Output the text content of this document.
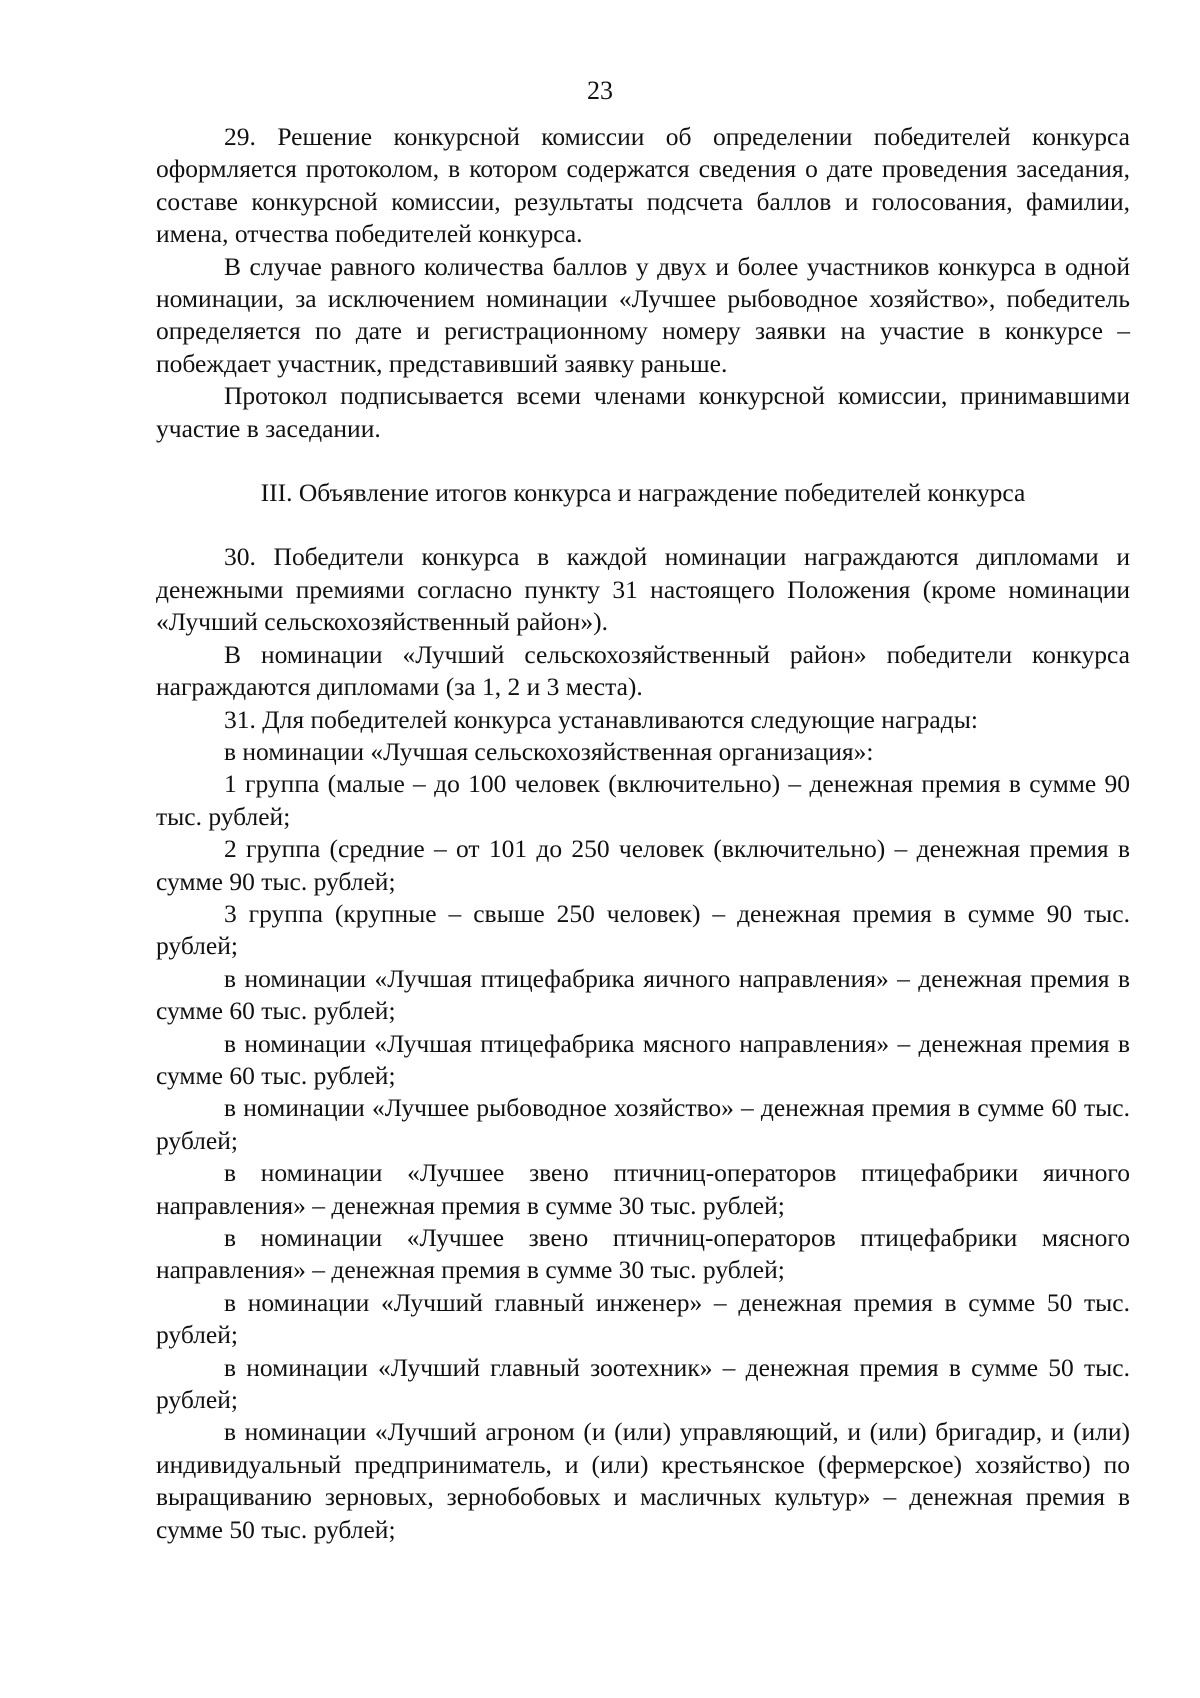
23

29. Решение конкурсной комиссии об определении победителей конкурса оформляется протоколом, в котором содержатся сведения о дате проведения заседания, составе конкурсной комиссии, результаты подсчета баллов и голосования, фамилии, имена, отчества победителей конкурса.

В случае равного количества баллов у двух и более участников конкурса в одной номинации, за исключением номинации «Лучшее рыбоводное хозяйство», победитель определяется по дате и регистрационному номеру заявки на участие в конкурсе – побеждает участник, представивший заявку раньше.

Протокол подписывается всеми членами конкурсной комиссии, принимавшими участие в заседании.

III. Объявление итогов конкурса и награждение победителей конкурса

30. Победители конкурса в каждой номинации награждаются дипломами и денежными премиями согласно пункту 31 настоящего Положения (кроме номинации «Лучший сельскохозяйственный район»).

В номинации «Лучший сельскохозяйственный район» победители конкурса награждаются дипломами (за 1, 2 и 3 места).

31. Для победителей конкурса устанавливаются следующие награды:

в номинации «Лучшая сельскохозяйственная организация»:

1 группа (малые – до 100 человек (включительно) – денежная премия в сумме 90 тыс. рублей;

2 группа (средние – от 101 до 250 человек (включительно) – денежная премия в сумме 90 тыс. рублей;

3 группа (крупные – свыше 250 человек) – денежная премия в сумме 90 тыс. рублей;

в номинации «Лучшая птицефабрика яичного направления» – денежная премия в сумме 60 тыс. рублей;

в номинации «Лучшая птицефабрика мясного направления» – денежная премия в сумме 60 тыс. рублей;

в номинации «Лучшее рыбоводное хозяйство» – денежная премия в сумме 60 тыс. рублей;

в номинации «Лучшее звено птичниц-операторов птицефабрики яичного направления» – денежная премия в сумме 30 тыс. рублей;

в номинации «Лучшее звено птичниц-операторов птицефабрики мясного направления» – денежная премия в сумме 30 тыс. рублей;

в номинации «Лучший главный инженер» – денежная премия в сумме 50 тыс. рублей;

в номинации «Лучший главный зоотехник» – денежная премия в сумме 50 тыс. рублей;

в номинации «Лучший агроном (и (или) управляющий, и (или) бригадир, и (или) индивидуальный предприниматель, и (или) крестьянское (фермерское) хозяйство) по выращиванию зерновых, зернобобовых и масличных культур» – денежная премия в сумме 50 тыс. рублей;
